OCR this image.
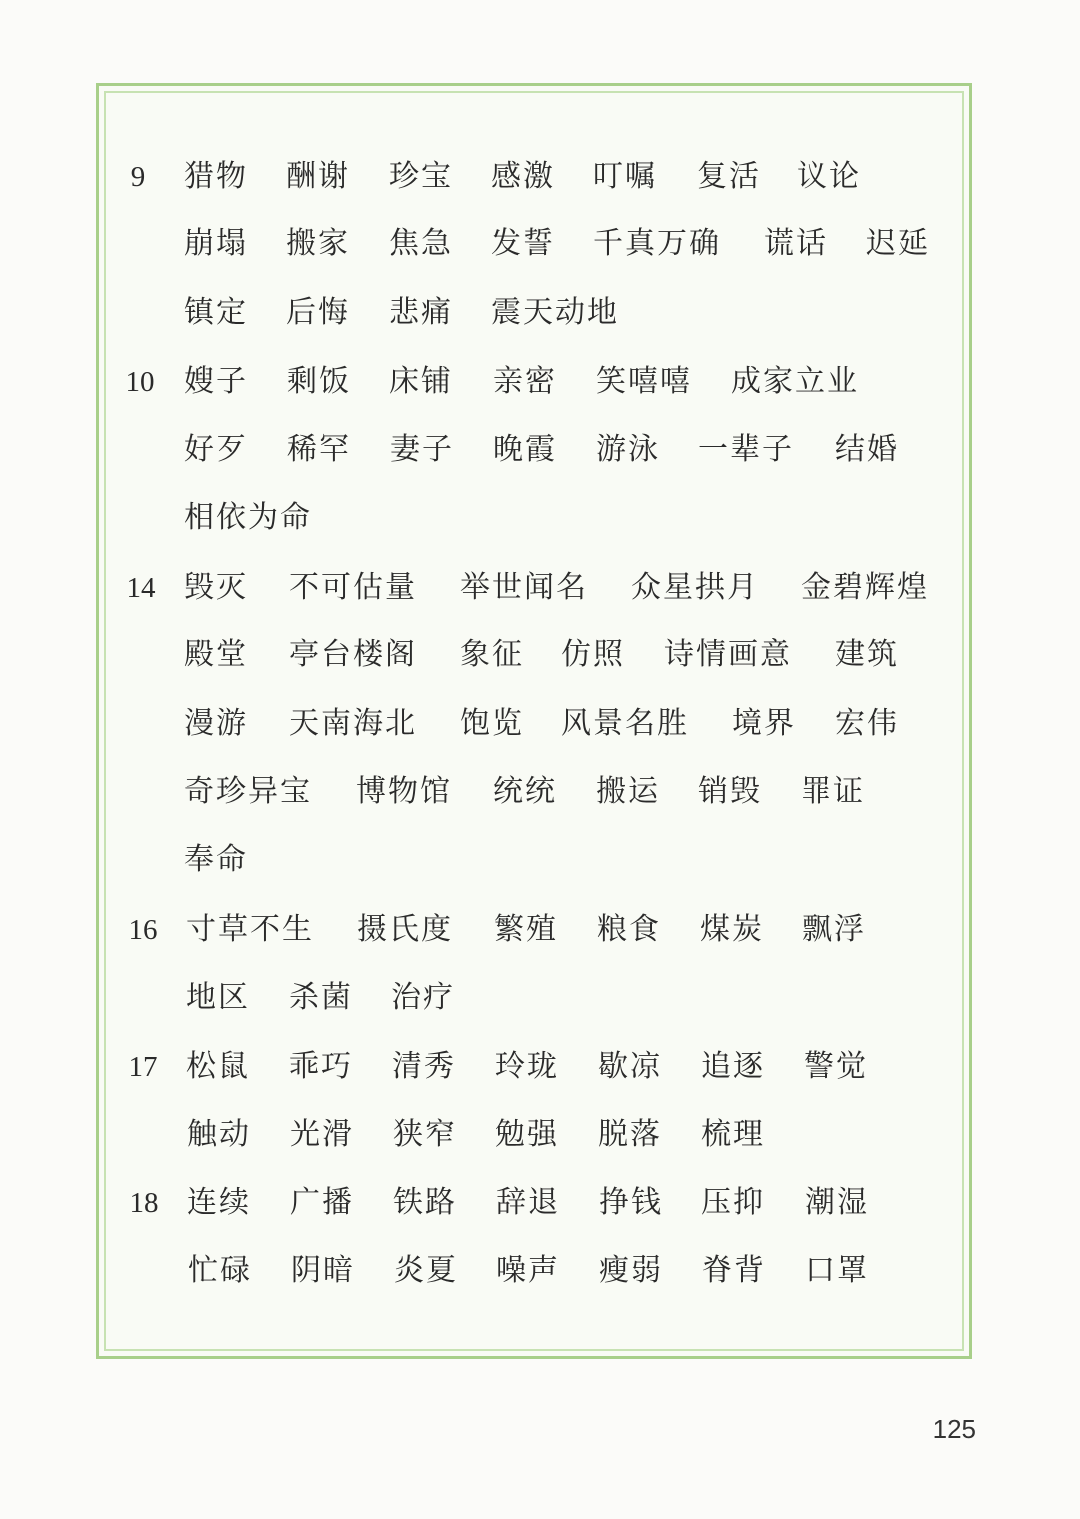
9	猎物 酬谢 珍宝 感激 叮嘱 复活 议论
崩塌 搬家 焦急 发誓 千真万确 谎话 迟延
镇定 后悔 悲痛 震天动地
10 嫂子 剩饭 床铺 亲密 笑嘻嘻 成家立业
好歹 稀罕 妻子 晚霞 游泳 一辈子 结婚
相依为命
14 毁灭 不可估量 举世闻名 众星拱月 金碧辉煌
殿堂 亭台楼阁 象征 仿照 诗情画意 建筑
漫游 天南海北 饱览 风景名胜 境界 宏伟
奇珍异宝 博物馆 统统 搬运 销毁 罪证
奉命
16 寸草不生 摄氏度 繁殖 粮食 煤炭 飘浮
地区 杀菌 治疗
17 松鼠 乖巧 清秀 玲珑 歇凉 追逐 警觉
触动 光滑 狭窄 勉强 脱落 梳理
18 连续 广播 铁路 辞退 挣钱 压抑 潮湿
忙碌 阴暗 炎夏 噪声 瘦弱 脊背 口罩
125
